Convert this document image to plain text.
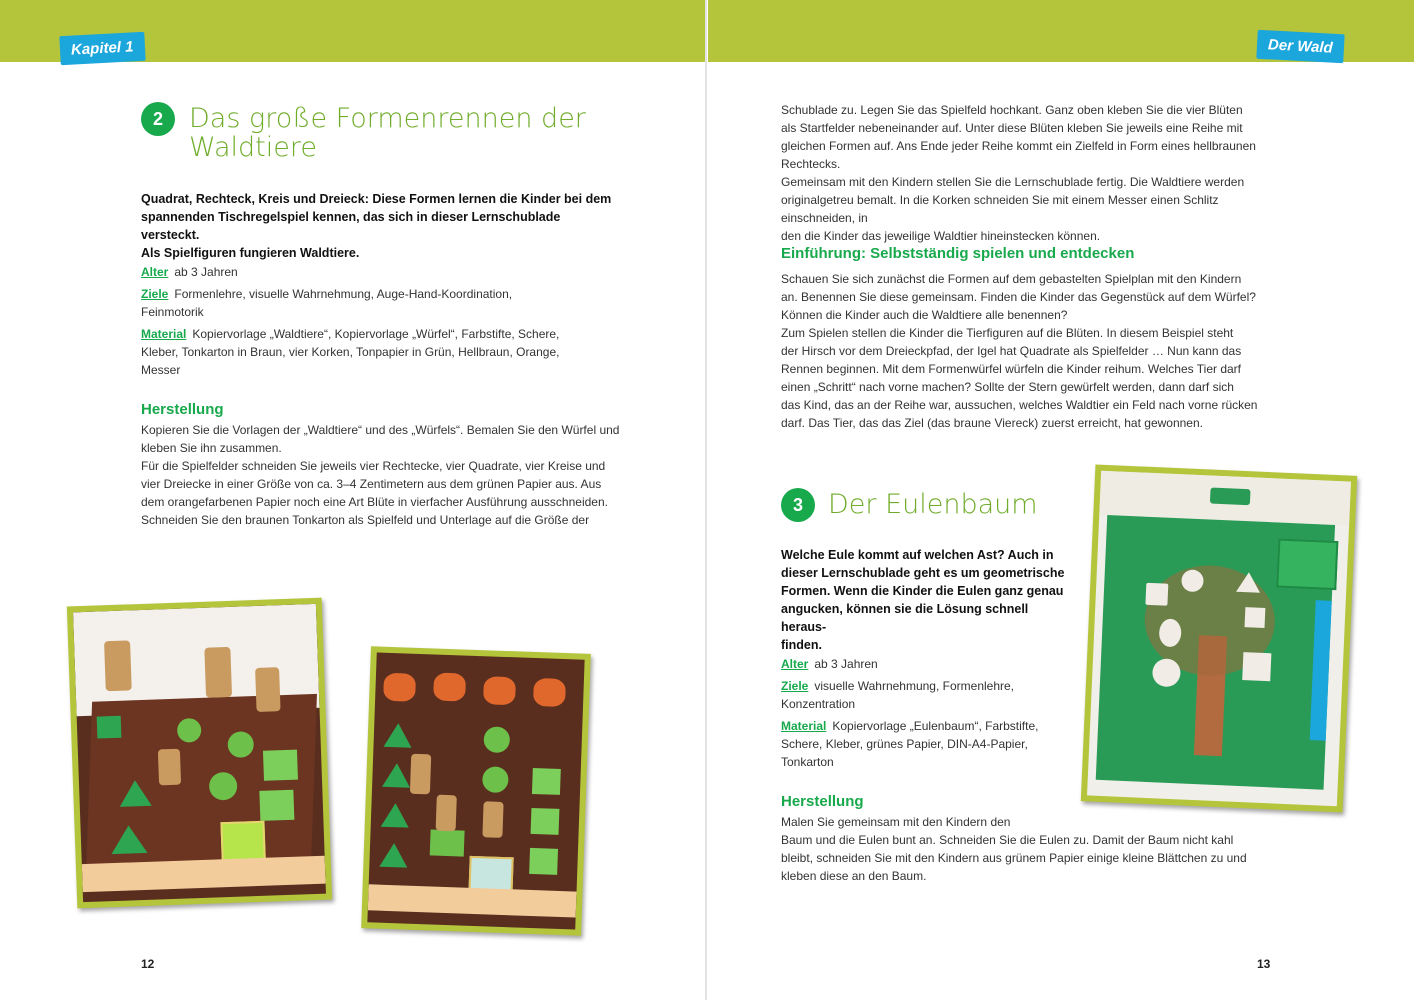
Kapitel 1	Der Wald
2 Das große Formenrennen der
Waldtiere
Quadrat, Rechteck, Kreis und Dreieck: Diese Formen lernen die Kinder bei dem
spannenden Tischregelspiel kennen, das sich in dieser Lernschublade versteckt.
Als Spielfiguren fungieren Waldtiere.
Alter ab 3 Jahren
Ziele Formenlehre, visuelle Wahrnehmung, Auge-Hand-Koordination,
Feinmotorik
Material Kopiervorlage „Waldtiere“, Kopiervorlage „Würfel“, Farbstifte, Schere,
Kleber, Tonkarton in Braun, vier Korken, Tonpapier in Grün, Hellbraun, Orange,
Messer
Herstellung
Kopieren Sie die Vorlagen der „Waldtiere“ und des „Würfels“. Bemalen Sie den Würfel und
kleben Sie ihn zusammen.
Für die Spielfelder schneiden Sie jeweils vier Rechtecke, vier Quadrate, vier Kreise und
vier Dreiecke in einer Größe von ca. 3–4 Zentimetern aus dem grünen Papier aus. Aus
dem orangefarbenen Papier noch eine Art Blüte in vierfacher Ausführung ausschneiden.
Schneiden Sie den braunen Tonkarton als Spielfeld und Unterlage auf die Größe der
12
Schublade zu. Legen Sie das Spielfeld hochkant. Ganz oben kleben Sie die vier Blüten
als Startfelder nebeneinander auf. Unter diese Blüten kleben Sie jeweils eine Reihe mit
gleichen Formen auf. Ans Ende jeder Reihe kommt ein Zielfeld in Form eines hellbraunen
Rechtecks.
Gemeinsam mit den Kindern stellen Sie die Lernschublade fertig. Die Waldtiere werden
originalgetreu bemalt. In die Korken schneiden Sie mit einem Messer einen Schlitz einschneiden, in
den die Kinder das jeweilige Waldtier hineinstecken können.
Einführung: Selbstständig spielen und entdecken
Schauen Sie sich zunächst die Formen auf dem gebastelten Spielplan mit den Kindern
an. Benennen Sie diese gemeinsam. Finden die Kinder das Gegenstück auf dem Würfel?
Können die Kinder auch die Waldtiere alle benennen?
Zum Spielen stellen die Kinder die Tierfiguren auf die Blüten. In diesem Beispiel steht
der Hirsch vor dem Dreieckpfad, der Igel hat Quadrate als Spielfelder … Nun kann das
Rennen beginnen. Mit dem Formenwürfel würfeln die Kinder reihum. Welches Tier darf
einen „Schritt“ nach vorne machen? Sollte der Stern gewürfelt werden, dann darf sich
das Kind, das an der Reihe war, aussuchen, welches Waldtier ein Feld nach vorne rücken
darf. Das Tier, das das Ziel (das braune Viereck) zuerst erreicht, hat gewonnen.
3 Der Eulenbaum
Welche Eule kommt auf welchen Ast? Auch in
dieser Lernschublade geht es um geometrische
Formen. Wenn die Kinder die Eulen ganz genau
angucken, können sie die Lösung schnell heraus-
finden.
Alter ab 3 Jahren
Ziele visuelle Wahrnehmung, Formenlehre,
Konzentration
Material Kopiervorlage „Eulenbaum“, Farbstifte,
Schere, Kleber, grünes Papier, DIN-A4-Papier,
Tonkarton
Herstellung
Malen Sie gemeinsam mit den Kindern den
Baum und die Eulen bunt an. Schneiden Sie die Eulen zu. Damit der Baum nicht kahl
bleibt, schneiden Sie mit den Kindern aus grünem Papier einige kleine Blättchen zu und
kleben diese an den Baum.
13
